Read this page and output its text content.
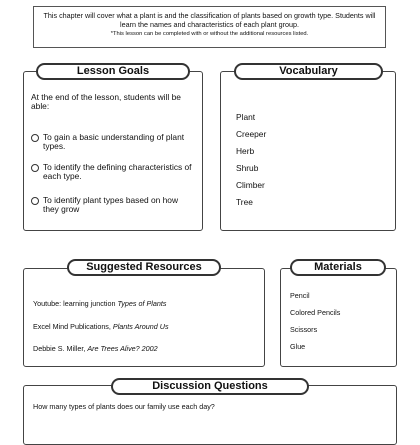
This chapter will cover what a plant is and the classification of plants based on growth type. Students will learn the names and characteristics of each plant group.
*This lesson can be completed with or without the additional resources listed.
Lesson Goals
At the end of the lesson, students will be able:
To gain a basic understanding of plant types.
To identify the defining characteristics of each type.
To identify plant types based on how they grow
Vocabulary
Plant
Creeper
Herb
Shrub
Climber
Tree
Suggested Resources
Youtube: learning junction Types of Plants
Excel Mind Publications, Plants Around Us
Debbie S. Miller, Are Trees Alive? 2002
Materials
Pencil
Colored Pencils
Scissors
Glue
Discussion Questions
How many types of plants does our family use each day?
